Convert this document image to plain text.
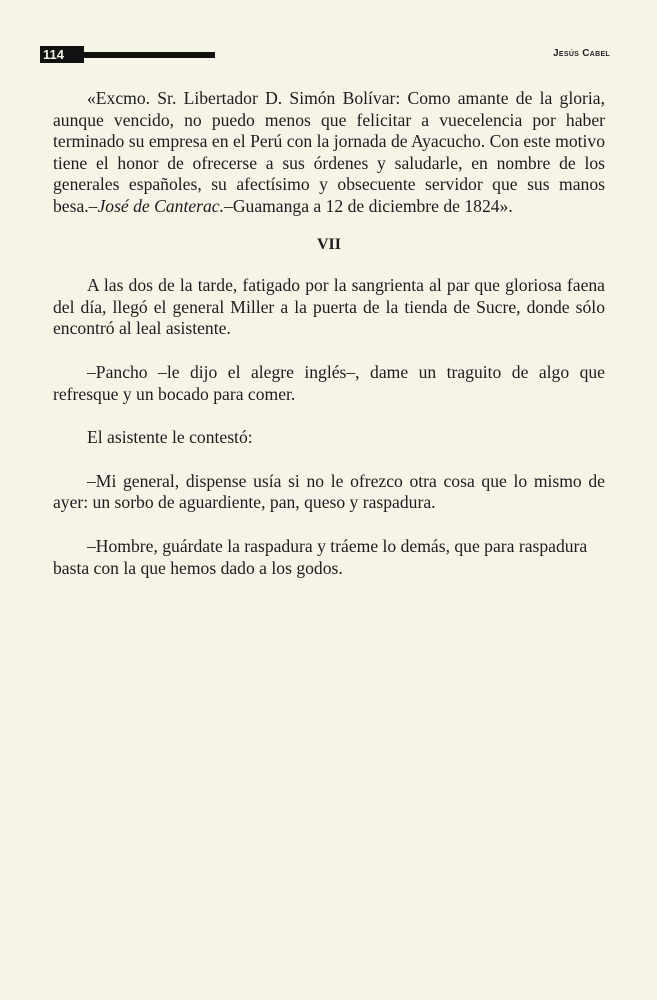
114	Jesús Cabel

«Excmo. Sr. Libertador D. Simón Bolívar: Como amante de la gloria, aunque vencido, no puedo menos que felicitar a vuecelencia por haber terminado su empresa en el Perú con la jornada de Ayacucho. Con este motivo tiene el honor de ofrecerse a sus órdenes y saludarle, en nombre de los generales españoles, su afectísimo y obsecuente servidor que sus manos besa.–José de Canterac.–Guamanga a 12 de diciembre de 1824».

VII

A las dos de la tarde, fatigado por la sangrienta al par que gloriosa faena del día, llegó el general Miller a la puerta de la tienda de Sucre, donde sólo encontró al leal asistente.

–Pancho –le dijo el alegre inglés–, dame un traguito de algo que refresque y un bocado para comer.

El asistente le contestó:

–Mi general, dispense usía si no le ofrezco otra cosa que lo mismo de ayer: un sorbo de aguardiente, pan, queso y raspadura.

–Hombre, guárdate la raspadura y tráeme lo demás, que para raspadura basta con la que hemos dado a los godos.
